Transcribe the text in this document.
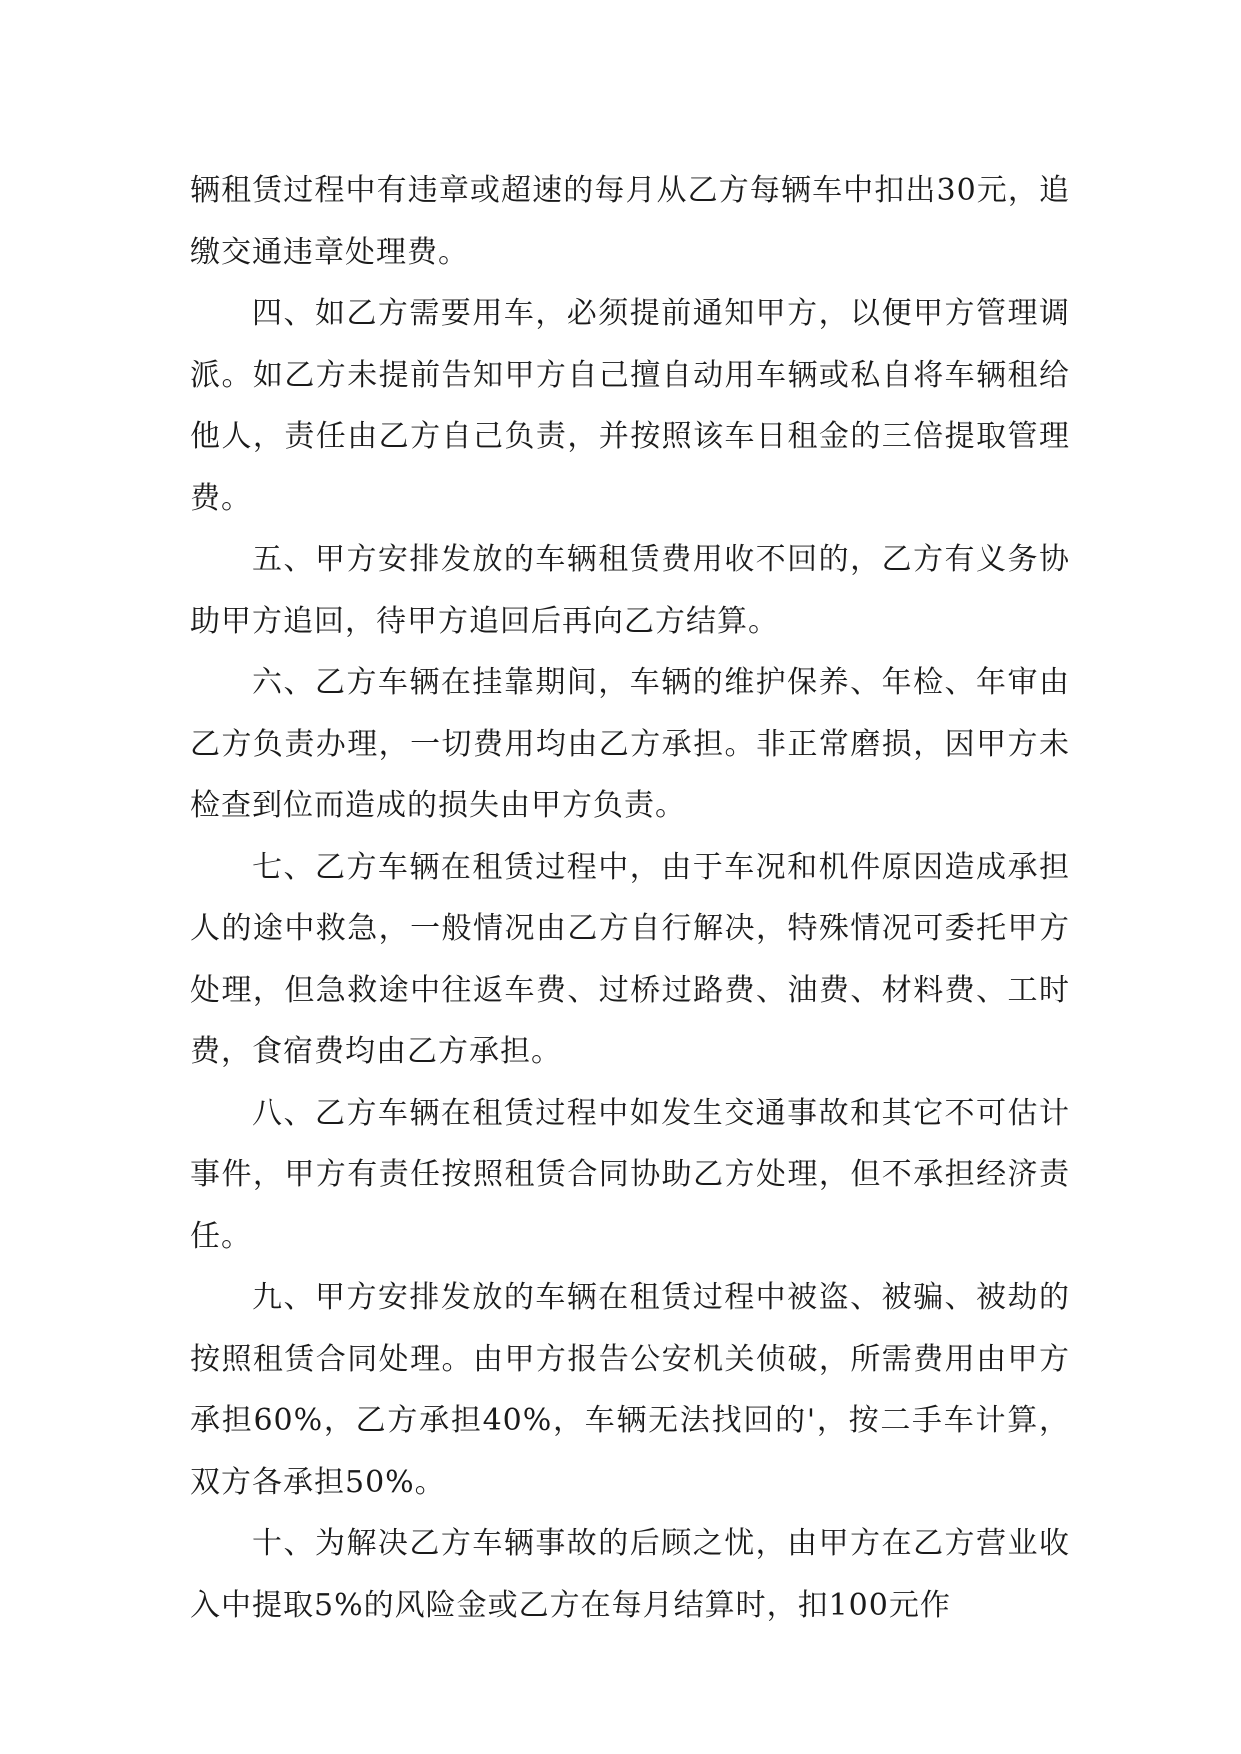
辆租赁过程中有违章或超速的每月从乙方每辆车中扣出30元，追缴交通违章处理费。

四、如乙方需要用车，必须提前通知甲方，以便甲方管理调派。如乙方未提前告知甲方自己擅自动用车辆或私自将车辆租给他人，责任由乙方自己负责，并按照该车日租金的三倍提取管理费。

五、甲方安排发放的车辆租赁费用收不回的，乙方有义务协助甲方追回，待甲方追回后再向乙方结算。

六、乙方车辆在挂靠期间，车辆的维护保养、年检、年审由乙方负责办理，一切费用均由乙方承担。非正常磨损，因甲方未检查到位而造成的损失由甲方负责。

七、乙方车辆在租赁过程中，由于车况和机件原因造成承担人的途中救急，一般情况由乙方自行解决，特殊情况可委托甲方处理，但急救途中往返车费、过桥过路费、油费、材料费、工时费，食宿费均由乙方承担。

八、乙方车辆在租赁过程中如发生交通事故和其它不可估计事件，甲方有责任按照租赁合同协助乙方处理，但不承担经济责任。

九、甲方安排发放的车辆在租赁过程中被盗、被骗、被劫的按照租赁合同处理。由甲方报告公安机关侦破，所需费用由甲方承担60%，乙方承担40%，车辆无法找回的'，按二手车计算，双方各承担50%。

十、为解决乙方车辆事故的后顾之忧，由甲方在乙方营业收入中提取5%的风险金或乙方在每月结算时，扣100元作
